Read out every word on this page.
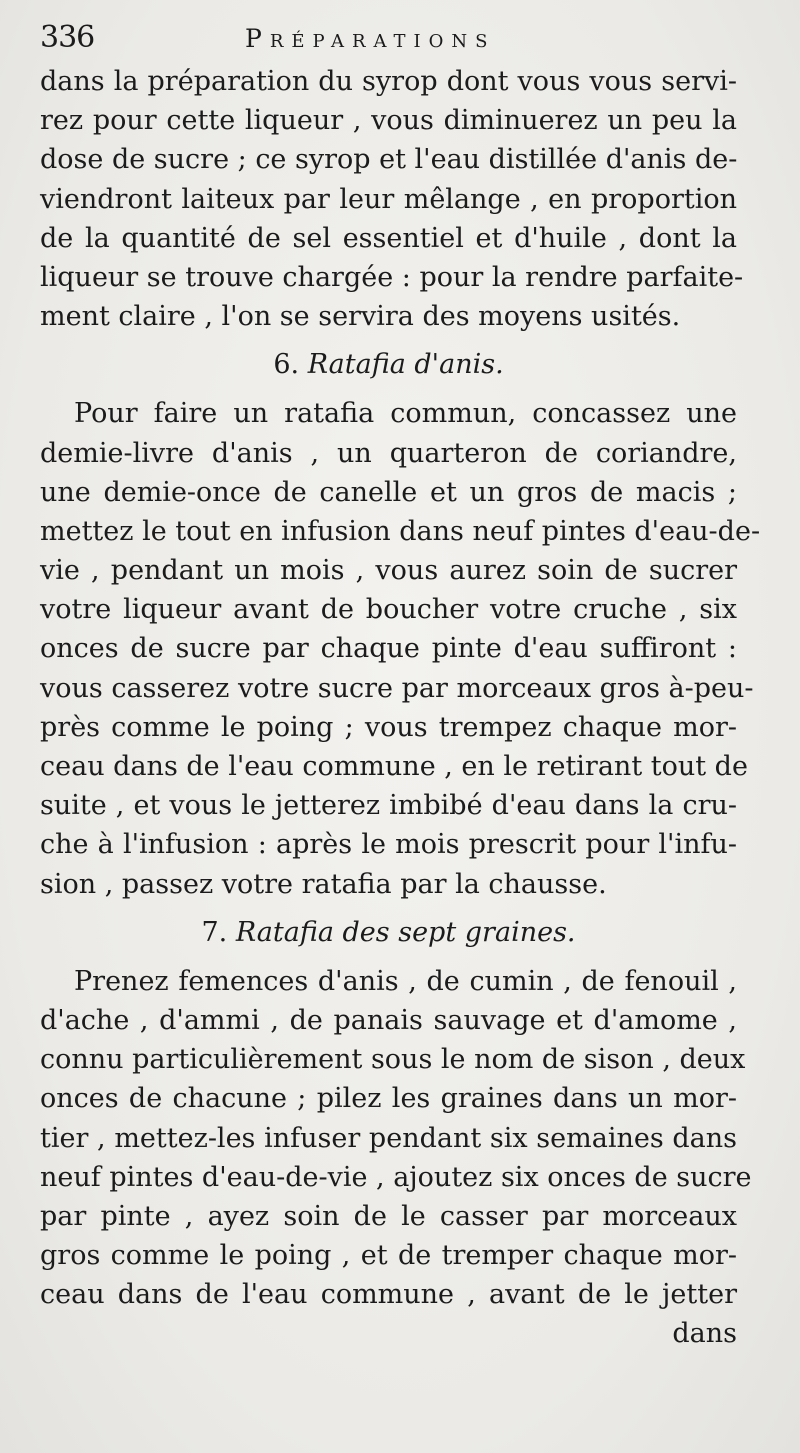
336	Préparations
dans la préparation du syrop dont vous vous servi-
rez pour cette liqueur , vous diminuerez un peu la
dose de sucre ; ce syrop et l'eau distillée d'anis de-
viendront laiteux par leur mêlange , en proportion
de la quantité de sel essentiel et d'huile , dont la
liqueur se trouve chargée : pour la rendre parfaite-
ment claire , l'on se servira des moyens usités.
6. Ratafia d'anis.
Pour faire un ratafia commun, concassez une
demie-livre d'anis , un quarteron de coriandre,
une demie-once de canelle et un gros de macis ;
mettez le tout en infusion dans neuf pintes d'eau-de-
vie , pendant un mois , vous aurez soin de sucrer
votre liqueur avant de boucher votre cruche , six
onces de sucre par chaque pinte d'eau suffiront :
vous casserez votre sucre par morceaux gros à-peu-
près comme le poing ; vous trempez chaque mor-
ceau dans de l'eau commune , en le retirant tout de
suite , et vous le jetterez imbibé d'eau dans la cru-
che à l'infusion : après le mois prescrit pour l'infu-
sion , passez votre ratafia par la chausse.
7. Ratafia des sept graines.
Prenez femences d'anis , de cumin , de fenouil ,
d'ache , d'ammi , de panais sauvage et d'amome ,
connu particulièrement sous le nom de sison , deux
onces de chacune ; pilez les graines dans un mor-
tier , mettez-les infuser pendant six semaines dans
neuf pintes d'eau-de-vie , ajoutez six onces de sucre
par pinte , ayez soin de le casser par morceaux
gros comme le poing , et de tremper chaque mor-
ceau dans de l'eau commune , avant de le jetter
dans
